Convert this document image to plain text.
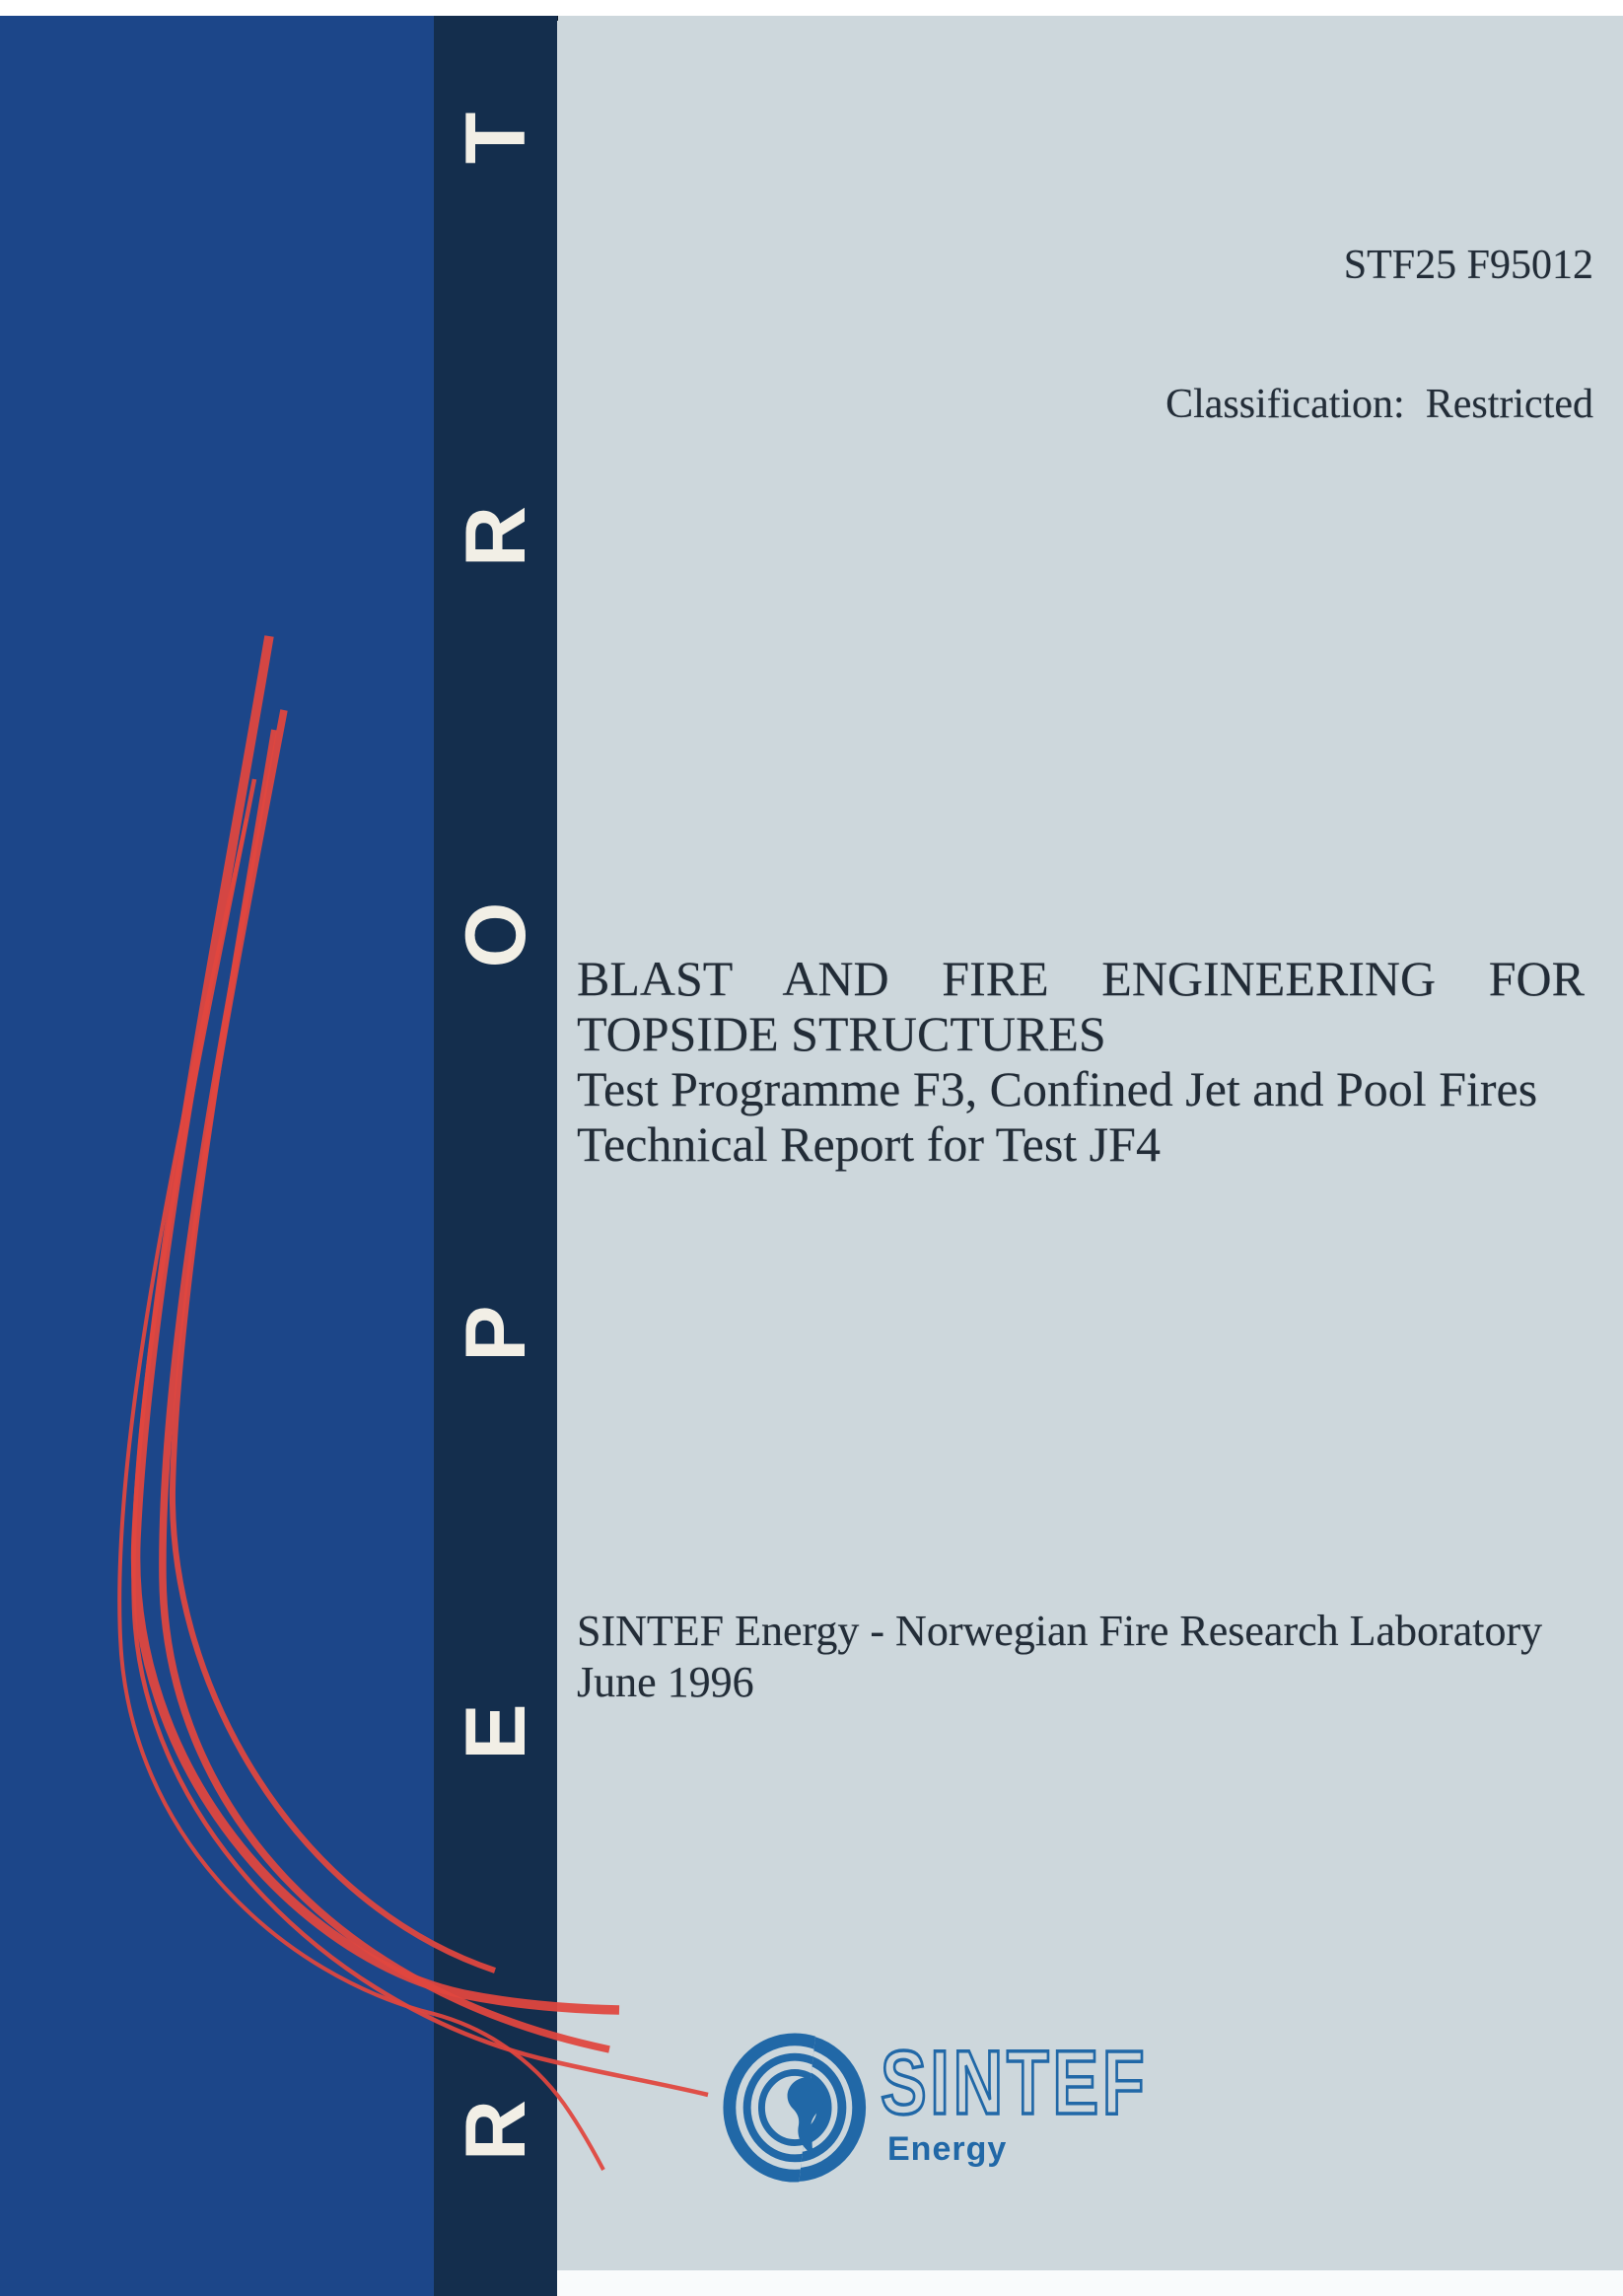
T
R
O
P
E
R

STF25 F95012

Classification:  Restricted

BLAST AND FIRE ENGINEERING FOR
TOPSIDE STRUCTURES
Test Programme F3, Confined Jet and Pool Fires
Technical Report for Test JF4
SINTEF Energy - Norwegian Fire Research Laboratory
June 1996
SINTEF
Energy
